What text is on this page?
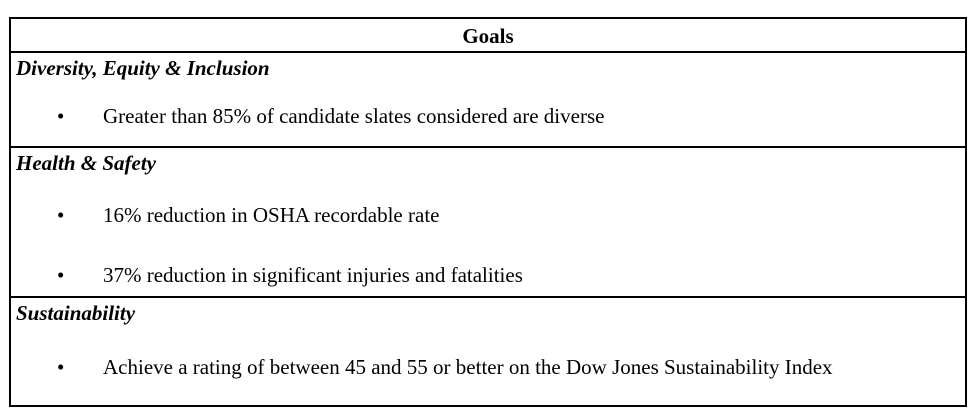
Goals
Diversity, Equity & Inclusion
• Greater than 85% of candidate slates considered are diverse
Health & Safety
• 16% reduction in OSHA recordable rate
• 37% reduction in significant injuries and fatalities
Sustainability
• Achieve a rating of between 45 and 55 or better on the Dow Jones Sustainability Index
